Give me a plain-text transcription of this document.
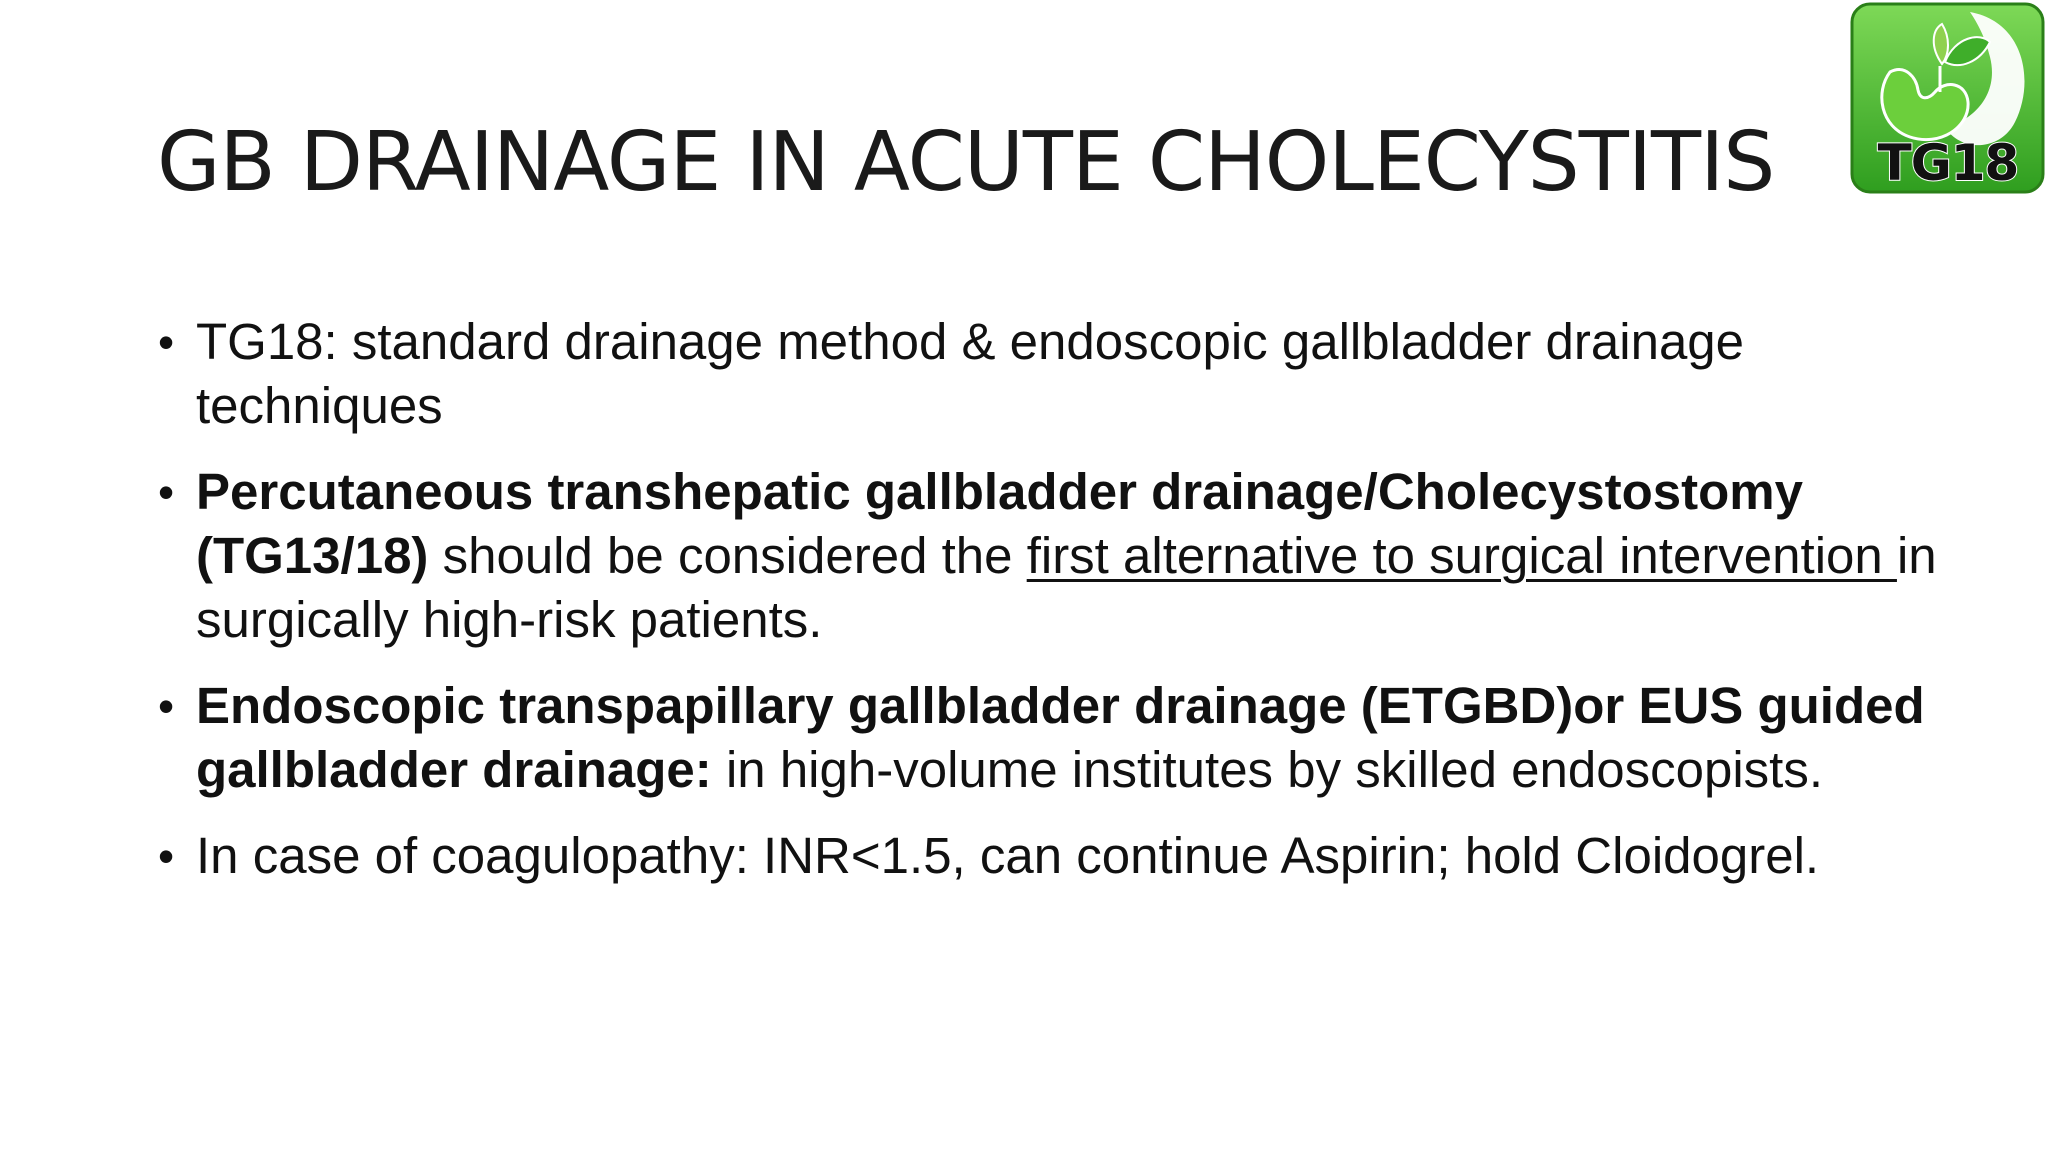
GB DRAINAGE IN ACUTE CHOLECYSTITIS	TG18
• TG18: standard drainage method & endoscopic gallbladder drainage techniques
• Percutaneous transhepatic gallbladder drainage/Cholecystostomy (TG13/18) should be considered the first alternative to surgical intervention in surgically high-risk patients.
• Endoscopic transpapillary gallbladder drainage (ETGBD)or EUS guided gallbladder drainage: in high-volume institutes by skilled endoscopists.
• In case of coagulopathy: INR<1.5, can continue Aspirin; hold Cloidogrel.
